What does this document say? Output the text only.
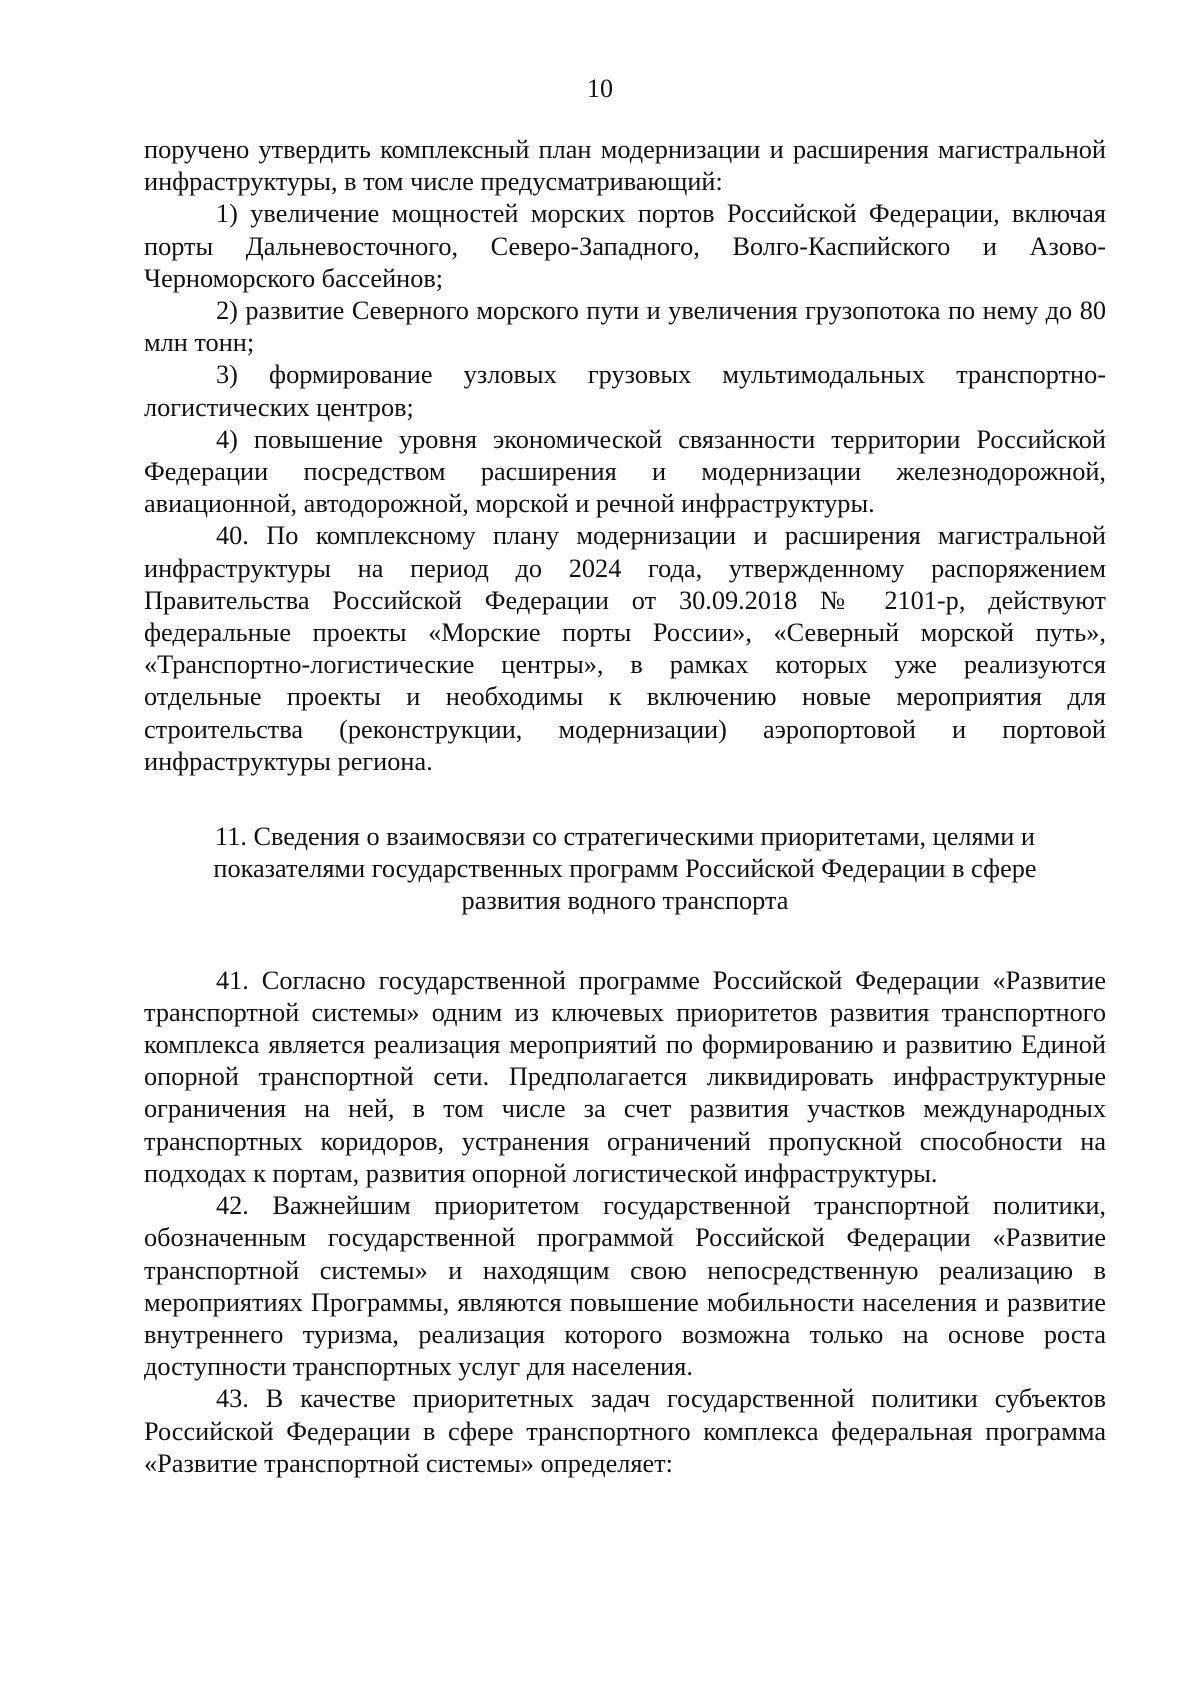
10

поручено утвердить комплексный план модернизации и расширения магистральной инфраструктуры, в том числе предусматривающий:

1) увеличение мощностей морских портов Российской Федерации, включая порты Дальневосточного, Северо-Западного, Волго-Каспийского и Азово-Черноморского бассейнов;

2) развитие Северного морского пути и увеличения грузопотока по нему до 80 млн тонн;

3) формирование узловых грузовых мультимодальных транспортно-логистических центров;

4) повышение уровня экономической связанности территории Российской Федерации посредством расширения и модернизации железнодорожной, авиационной, автодорожной, морской и речной инфраструктуры.

40. По комплексному плану модернизации и расширения магистральной инфраструктуры на период до 2024 года, утвержденному распоряжением Правительства Российской Федерации от 30.09.2018 № 2101-р, действуют федеральные проекты «Морские порты России», «Северный морской путь», «Транспортно-логистические центры», в рамках которых уже реализуются отдельные проекты и необходимы к включению новые мероприятия для строительства (реконструкции, модернизации) аэропортовой и портовой инфраструктуры региона.

11. Сведения о взаимосвязи со стратегическими приоритетами, целями и
показателями государственных программ Российской Федерации в сфере
развития водного транспорта

41. Согласно государственной программе Российской Федерации «Развитие транспортной системы» одним из ключевых приоритетов развития транспортного комплекса является реализация мероприятий по формированию и развитию Единой опорной транспортной сети. Предполагается ликвидировать инфраструктурные ограничения на ней, в том числе за счет развития участков международных транспортных коридоров, устранения ограничений пропускной способности на подходах к портам, развития опорной логистической инфраструктуры.

42. Важнейшим приоритетом государственной транспортной политики, обозначенным государственной программой Российской Федерации «Развитие транспортной системы» и находящим свою непосредственную реализацию в мероприятиях Программы, являются повышение мобильности населения и развитие внутреннего туризма, реализация которого возможна только на основе роста доступности транспортных услуг для населения.

43. В качестве приоритетных задач государственной политики субъектов Российской Федерации в сфере транспортного комплекса федеральная программа «Развитие транспортной системы» определяет:
